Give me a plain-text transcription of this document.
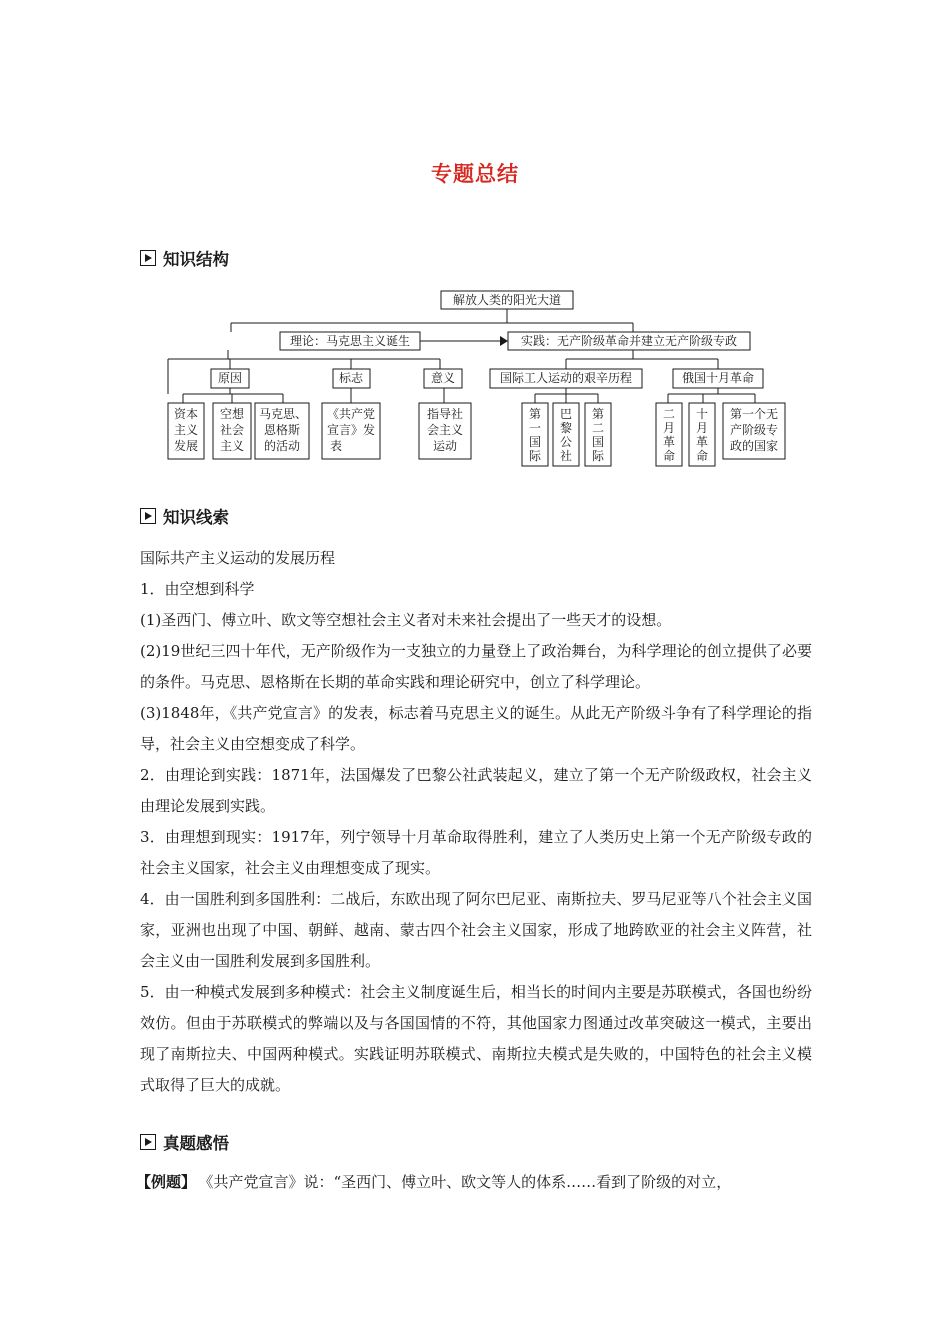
专题总结
知识结构
解放人类的阳光大道
理论：马克思主义诞生	实践：无产阶级革命并建立无产阶级专政
原因	标志	意义	国际工人运动的艰辛历程	俄国十月革命
资本
主义
发展
空想
社会
主义
马克思、
恩格斯
的活动
《共产党
宣言》发
表
指导社
会主义
运动
第
一
国
际
巴
黎
公
社
第
二
国
际
二
月
革
命
十
月
革
命
第一个无
产阶级专
政的国家
知识线索

国际共产主义运动的发展历程

1．由空想到科学

(1)圣西门、傅立叶、欧文等空想社会主义者对未来社会提出了一些天才的设想。

(2)19世纪三四十年代，无产阶级作为一支独立的力量登上了政治舞台，为科学理论的创立提供了必要的条件。马克思、恩格斯在长期的革命实践和理论研究中，创立了科学理论。

(3)1848年，《共产党宣言》的发表，标志着马克思主义的诞生。从此无产阶级斗争有了科学理论的指导，社会主义由空想变成了科学。

2．由理论到实践：1871年，法国爆发了巴黎公社武装起义，建立了第一个无产阶级政权，社会主义由理论发展到实践。

3．由理想到现实：1917年，列宁领导十月革命取得胜利，建立了人类历史上第一个无产阶级专政的社会主义国家，社会主义由理想变成了现实。

4．由一国胜利到多国胜利：二战后，东欧出现了阿尔巴尼亚、南斯拉夫、罗马尼亚等八个社会主义国家，亚洲也出现了中国、朝鲜、越南、蒙古四个社会主义国家，形成了地跨欧亚的社会主义阵营，社会主义由一国胜利发展到多国胜利。

5．由一种模式发展到多种模式：社会主义制度诞生后，相当长的时间内主要是苏联模式，各国也纷纷效仿。但由于苏联模式的弊端以及与各国国情的不符，其他国家力图通过改革突破这一模式，主要出现了南斯拉夫、中国两种模式。实践证明苏联模式、南斯拉夫模式是失败的，中国特色的社会主义模式取得了巨大的成就。

真题感悟

【例题】 《共产党宣言》说：“圣西门、傅立叶、欧文等人的体系……看到了阶级的对立，
